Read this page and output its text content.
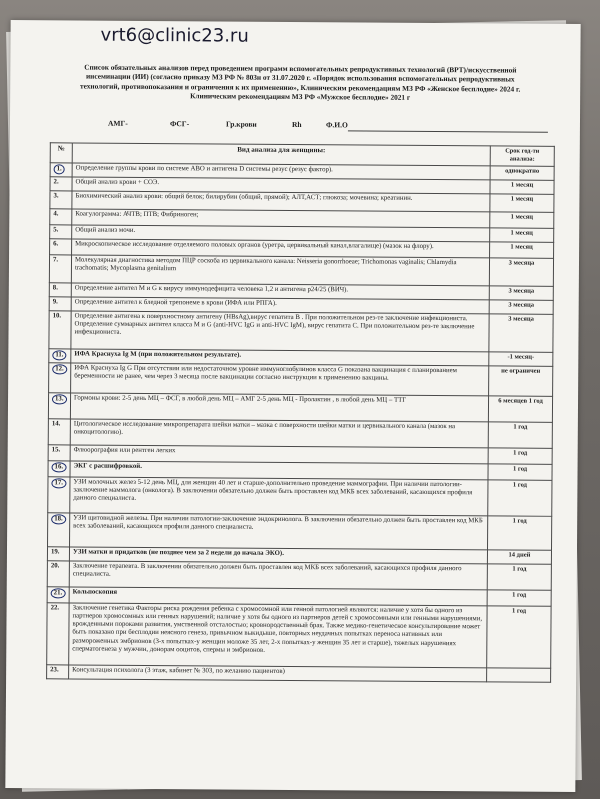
vrt6@clinic23.ru
Список обязательных анализов перед проведением программ вспомогательных репродуктивных технологий (ВРТ)/искусственной инсеминации (ИИ) (согласно приказу МЗ РФ № 803н от 31.07.2020 г. «Порядок использования вспомогательных репродуктивных технологий, противопоказания и ограничения к их применению», Клиническим рекомендациям МЗ РФ «Женское бесплодие» 2024 г. Клиническим рекомендациям МЗ РФ «Мужское бесплодие» 2021 г
АМГ-	ФСГ-	Гр.крови	Rh	Ф.И.О
№	Вид анализа для женщины:	Срок год-ти анализа:
1.	Определение группы крови по системе АВО и антигена D системы резус (резус фактор).	однократно
2.	Общий анализ крови + СОЭ.	1 месяц
3.	Биохимический анализ крови: общий белок; билирубин (общий, прямой); АЛТ,АСТ; глюкоза; мочевина; креатинин.	1 месяц
4.	Коагулограмма: АЧТВ; ПТВ; Фибриноген;	1 месяц
5.	Общий анализ мочи.	1 месяц
6.	Микроскопическое исследование отделяемого половых органов (уретра, цервикальный канал,влагалище) (мазок на флору).	1 месяц
7.	Молекулярная диагностика методом ПЦР соскоба из цервикального канала: Neisseria gonorrhoeae; Trichomonas vaginalis; Chlamydia trachomatis; Mycoplasma genitalium	3 месяца
8.	Определение антител М и G к вирусу иммунодефицита человека 1,2 и антигена p24/25 (ВИЧ).	3 месяца
9.	Определение антител к бледной трепонеме в крови (ИФА или РПГА).	3 месяца
10.	Определение антигена к поверхностному антигену (HBsAg),вирус гепатита В . При положительном рез-те заключение инфекциониста. Определение суммарных антител класса M и G (anti-HVC IgG и anti-HVC IgM), вирус гепатита C. При положительном рез-те заключение инфекциониста.	3 месяца
11.	ИФА Краснуха Ig M (при положительном результате).	-1 месяц-
12.	ИФА Краснуха Ig G При отсутствии или недостаточном уровне иммуноглобулинов класса G показана вакцинация с планированием беременности не ранее, чем через 3 месяца после вакцинации согласно инструкции к применению вакцины.	не ограничен
13.	Гормоны крови: 2-5 день МЦ – ФСГ, в любой день МЦ – АМГ 2-5 день МЦ - Пролактин , в любой день МЦ – ТТГ	6 месяцев 1 год
14.	Цитологическое исследование микропрепарата шейки матки – мазка с поверхности шейки матки и цервикального канала (мазок на онкоцитологию).	1 год
15.	Флюорография или рентген легких	1 год
16.	ЭКГ с расшифровкой.	1 год
17.	УЗИ молочных желез 5-12 день МЦ, для женщин 40 лет и старше-дополнительно проведение маммографии. При наличии патологии-заключение маммолога (онколога). В заключении обязательно должен быть проставлен код МКБ всех заболеваний, касающихся профиля данного специалиста.	1 год
18.	УЗИ щитовидной железы. При наличии патологии-заключение эндокринолога. В заключении обязательно должен быть проставлен код МКБ всех заболеваний, касающихся профиля данного специалиста.	1 год
19.	УЗИ матки и придатков (не позднее чем за 2 недели до начала ЭКО).	14 дней
20.	Заключение терапевта. В заключении обязательно должен быть проставлен код МКБ всех заболеваний, касающихся профиля данного специалиста.	1 год
21.	Кольпоскопия	1 год
22.	Заключение генетика Факторы риска рождения ребенка с хромосомной или генной патологией являются: наличие у хотя бы одного из партнеров хромосомных или генных нарушений; наличие у хотя бы одного из партнеров детей с хромосомными или генными нарушениями, врожденными пороками развития, умственной отсталостью; кровнородственный брак. Также медико-генетическое консультирование может быть показано при бесплодии неясного генеза, привычном выкидыше, повторных неудачных попытках переноса нативных или размороженных эмбрионов (3-х попытках-у женщин моложе 35 лет, 2-х попытках-у женщин 35 лет и старше), тяжелых нарушениях сперматогенеза у мужчин, донорам ооцитов, спермы и эмбрионов.	1 год
23.	Консультация психолога (3 этаж, кабинет № 303, по желанию пациентов)	
